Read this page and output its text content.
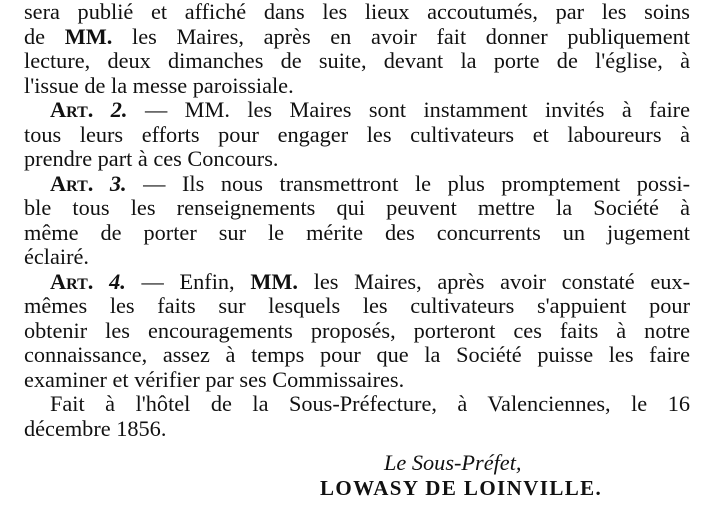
sera publié et affiché dans les lieux accoutumés, par les soins
de MM. les Maires, après en avoir fait donner publiquement
lecture, deux dimanches de suite, devant la porte de l'église, à
l'issue de la messe paroissiale.
Art. 2. — MM. les Maires sont instamment invités à faire
tous leurs efforts pour engager les cultivateurs et laboureurs à
prendre part à ces Concours.
Art. 3. — Ils nous transmettront le plus promptement possi-
ble tous les renseignements qui peuvent mettre la Société à
même de porter sur le mérite des concurrents un jugement
éclairé.
Art. 4. — Enfin, MM. les Maires, après avoir constaté eux-
mêmes les faits sur lesquels les cultivateurs s'appuient pour
obtenir les encouragements proposés, porteront ces faits à notre
connaissance, assez à temps pour que la Société puisse les faire
examiner et vérifier par ses Commissaires.
Fait à l'hôtel de la Sous-Préfecture, à Valenciennes, le 16
décembre 1856.
Le Sous-Préfet,
LOWASY DE LOINVILLE.
